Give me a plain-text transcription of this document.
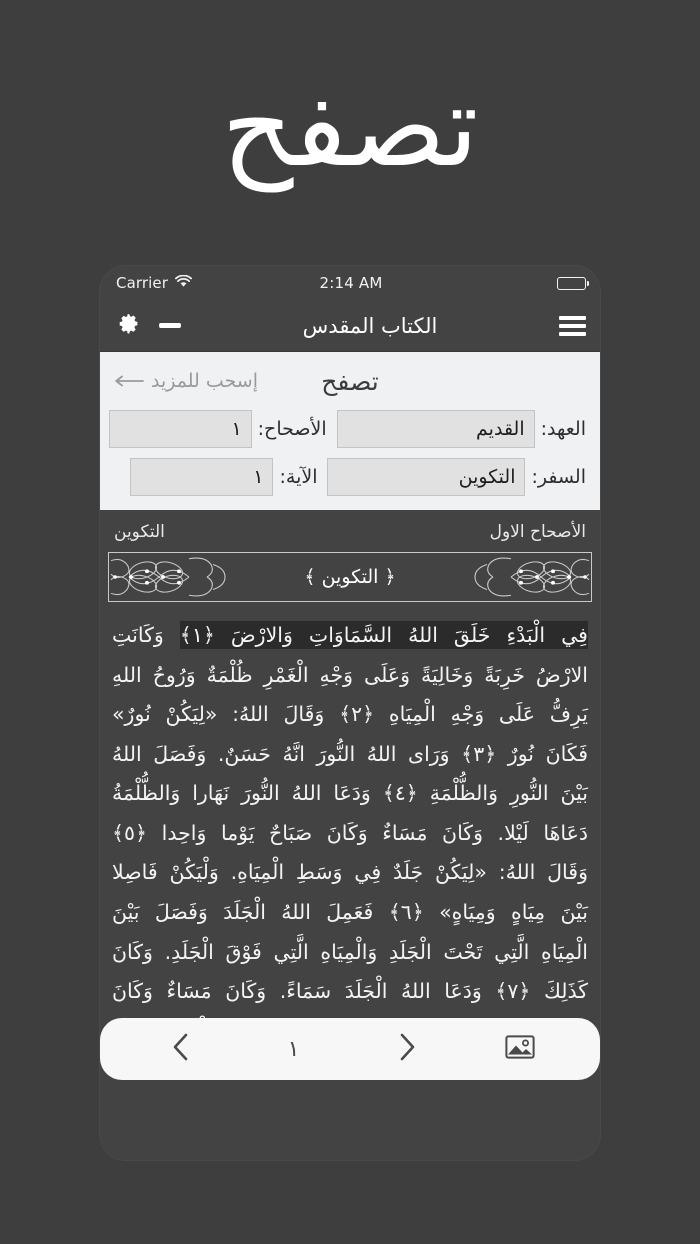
تصفح
Carrier	2:14 AM
الكتاب المقدس
تصفح
إسحب للمزيد
العهد:
القديم
الأصحاح:
١
السفر:
التكوين
الآية:
١
الأصحاح الاول
التكوين
﴿ التكوين ﴾
فِي الْبَدْءِ خَلَقَ اللهُ السَّمَاوَاتِ وَالارْضَ ﴿١﴾ وَكَانَتِ الارْضُ خَرِبَةً وَخَالِيَةً وَعَلَى وَجْهِ الْغَمْرِ ظُلْمَةٌ وَرُوحُ اللهِ يَرِفُّ عَلَى وَجْهِ الْمِيَاهِ ﴿٢﴾ وَقَالَ اللهُ: «لِيَكُنْ نُورٌ» فَكَانَ نُورٌ ﴿٣﴾ وَرَاى اللهُ النُّورَ انَّهُ حَسَنٌ. وَفَصَلَ اللهُ بَيْنَ النُّورِ وَالظُّلْمَةِ ﴿٤﴾ وَدَعَا اللهُ النُّورَ نَهَارا وَالظُّلْمَةُ دَعَاهَا لَيْلا. وَكَانَ مَسَاءٌ وَكَانَ صَبَاحٌ يَوْما وَاحِدا ﴿٥﴾ وَقَالَ اللهُ: «لِيَكُنْ جَلَدٌ فِي وَسَطِ الْمِيَاهِ. وَلْيَكُنْ فَاصِلا بَيْنَ مِيَاهٍ وَمِيَاهٍ» ﴿٦﴾ فَعَمِلَ اللهُ الْجَلَدَ وَفَصَلَ بَيْنَ الْمِيَاهِ الَّتِي تَحْتَ الْجَلَدِ وَالْمِيَاهِ الَّتِي فَوْقَ الْجَلَدِ. وَكَانَ كَذَلِكَ ﴿٧﴾ وَدَعَا اللهُ الْجَلَدَ سَمَاءً. وَكَانَ مَسَاءٌ وَكَانَ
١
